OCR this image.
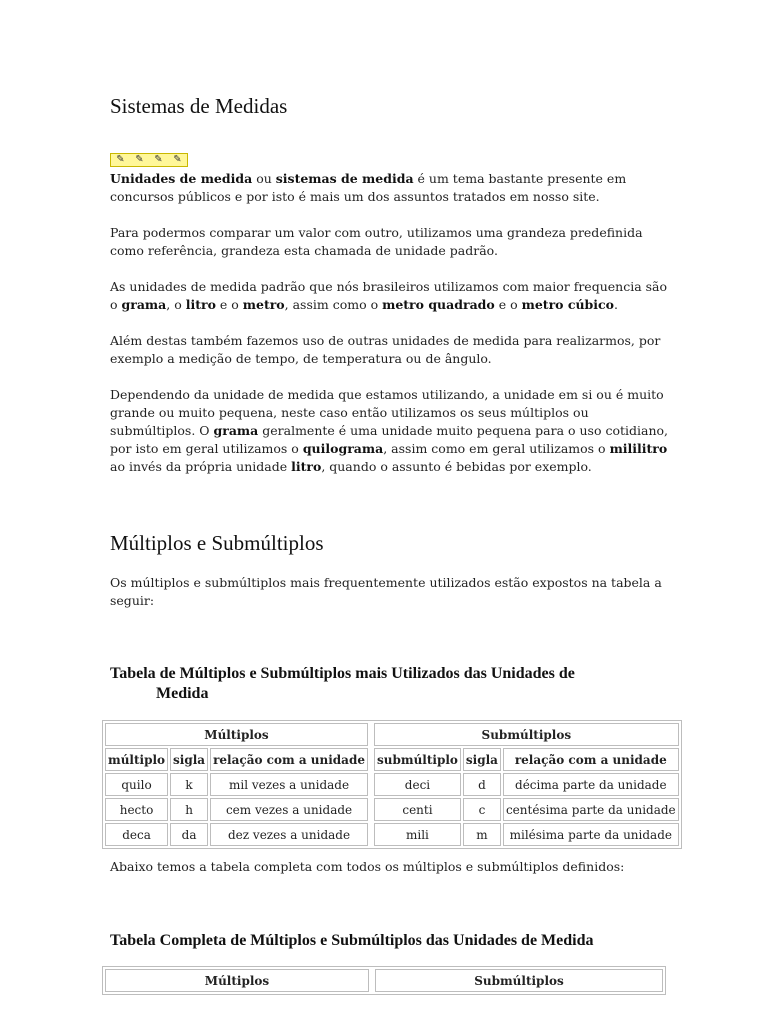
Sistemas de Medidas
✎ ✎ ✎ ✎

Unidades de medida ou sistemas de medida é um tema bastante presente em concursos públicos e por isto é mais um dos assuntos tratados em nosso site.

Para podermos comparar um valor com outro, utilizamos uma grandeza predefinida como referência, grandeza esta chamada de unidade padrão.

As unidades de medida padrão que nós brasileiros utilizamos com maior frequencia são o grama, o litro e o metro, assim como o metro quadrado e o metro cúbico.

Além destas também fazemos uso de outras unidades de medida para realizarmos, por exemplo a medição de tempo, de temperatura ou de ângulo.

Dependendo da unidade de medida que estamos utilizando, a unidade em si ou é muito grande ou muito pequena, neste caso então utilizamos os seus múltiplos ou submúltiplos. O grama geralmente é uma unidade muito pequena para o uso cotidiano, por isto em geral utilizamos o quilograma, assim como em geral utilizamos o mililitro ao invés da própria unidade litro, quando o assunto é bebidas por exemplo.

Múltiplos e Submúltiplos

Os múltiplos e submúltiplos mais frequentemente utilizados estão expostos na tabela a seguir:

Tabela de Múltiplos e Submúltiplos mais Utilizados das Unidades de
Medida
Múltiplos				Submúltiplos		
múltiplo	sigla	relação com a unidade		submúltiplo	sigla	relação com a unidade
quilo	k	mil vezes a unidade		deci	d	décima parte da unidade
hecto	h	cem vezes a unidade		centi	c	centésima parte da unidade
deca	da	dez vezes a unidade		mili	m	milésima parte da unidade

Abaixo temos a tabela completa com todos os múltiplos e submúltiplos definidos:

Tabela Completa de Múltiplos e Submúltiplos das Unidades de Medida
Múltiplos		Submúltiplos
